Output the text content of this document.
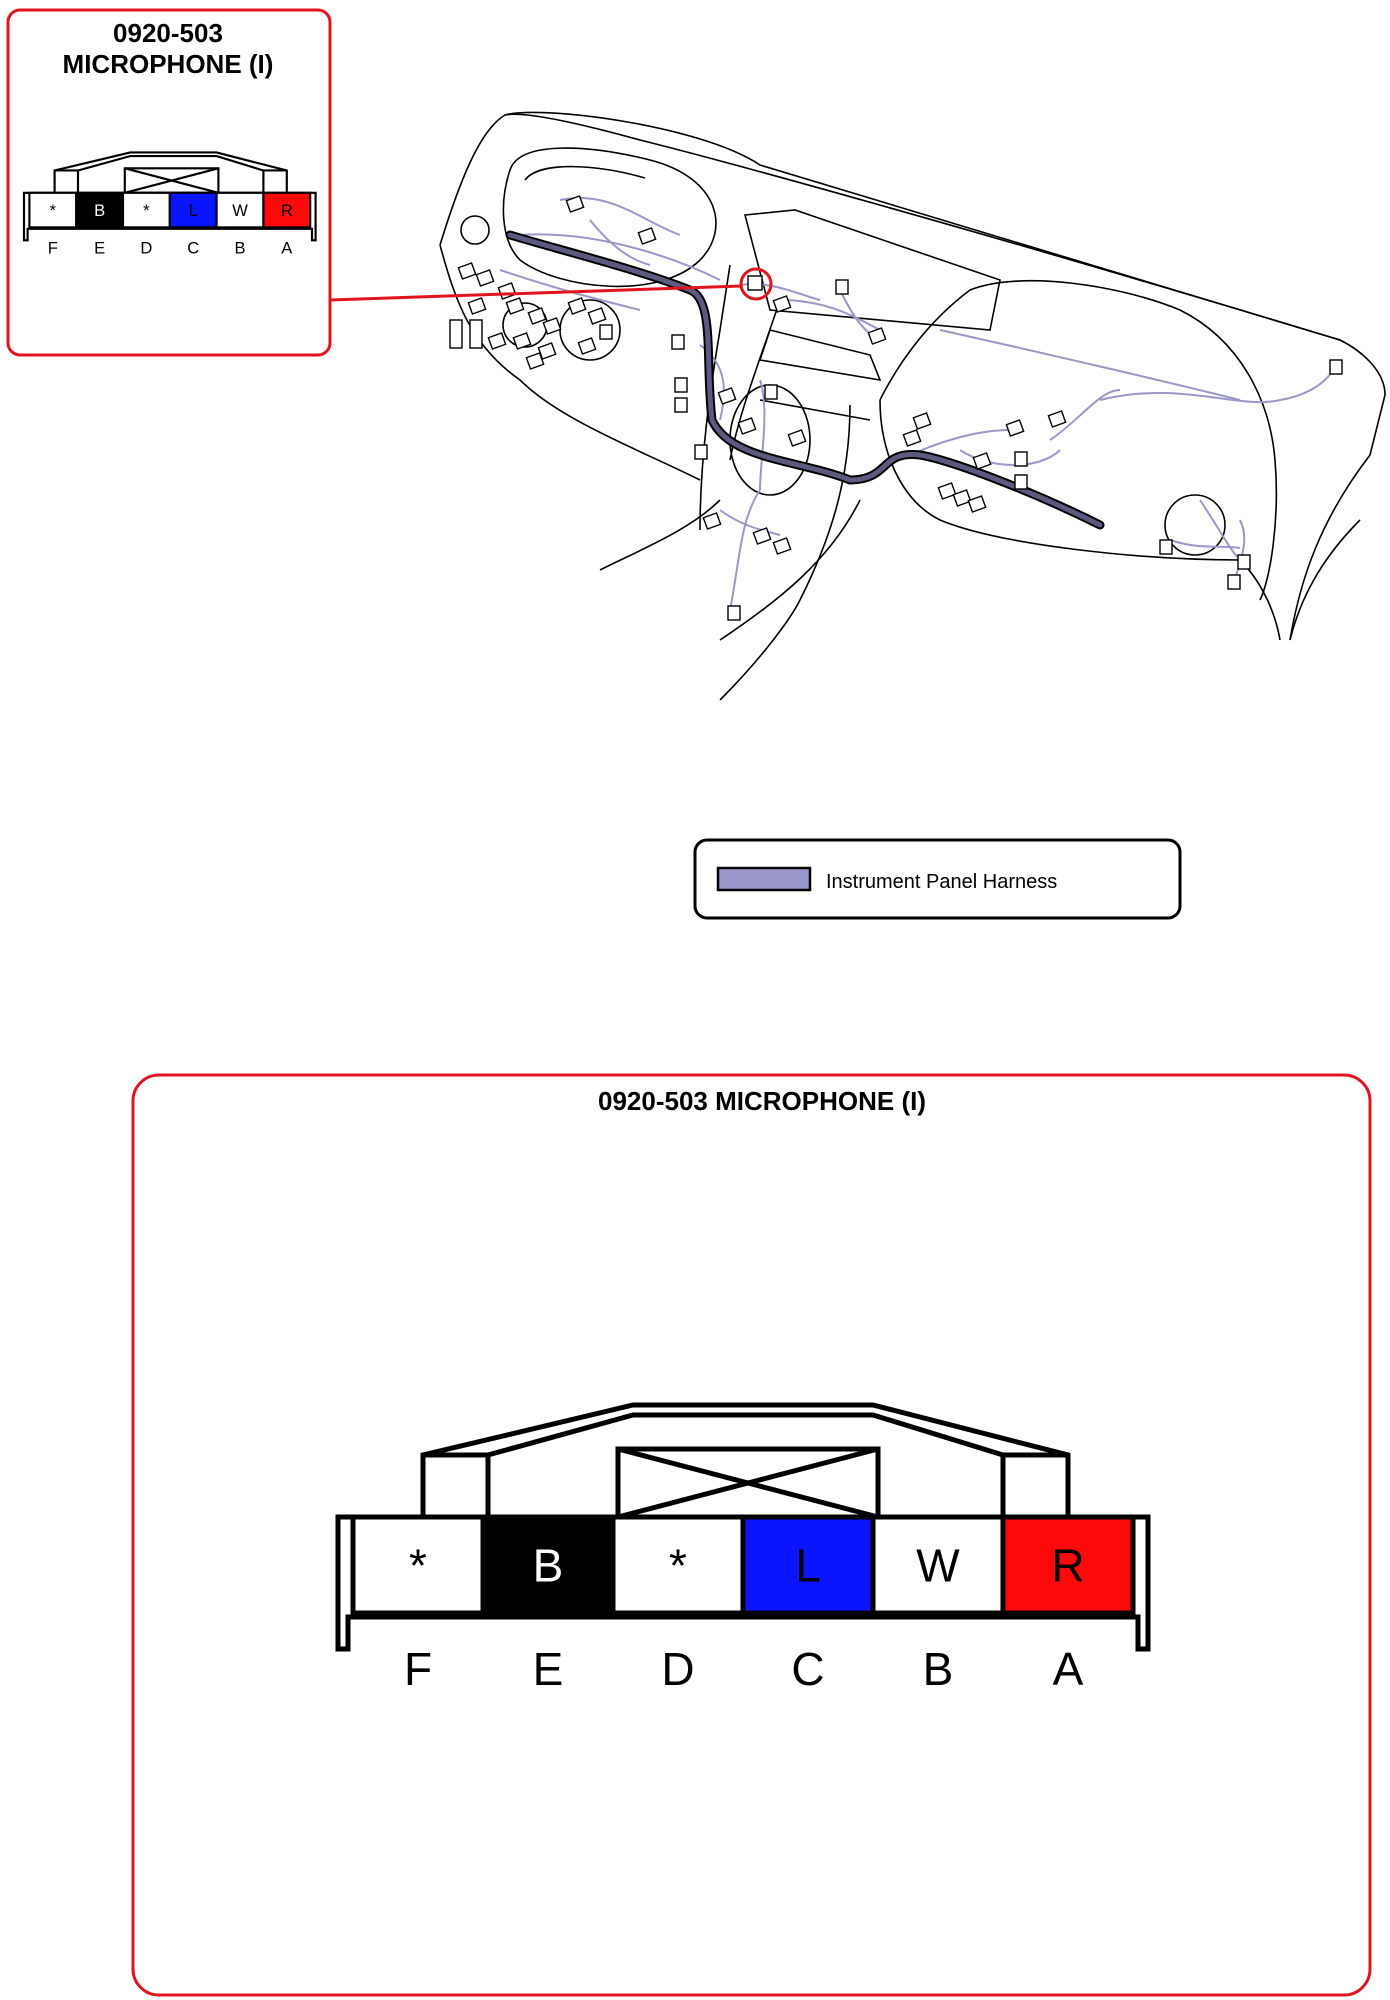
0920-503
MICROPHONE (I)
*
F
B
E
*
D
L
C
W
B
R
A
Instrument Panel Harness
0920-503 MICROPHONE (I)
*
F
B
E
*
D
L
C
W
B
R
A
